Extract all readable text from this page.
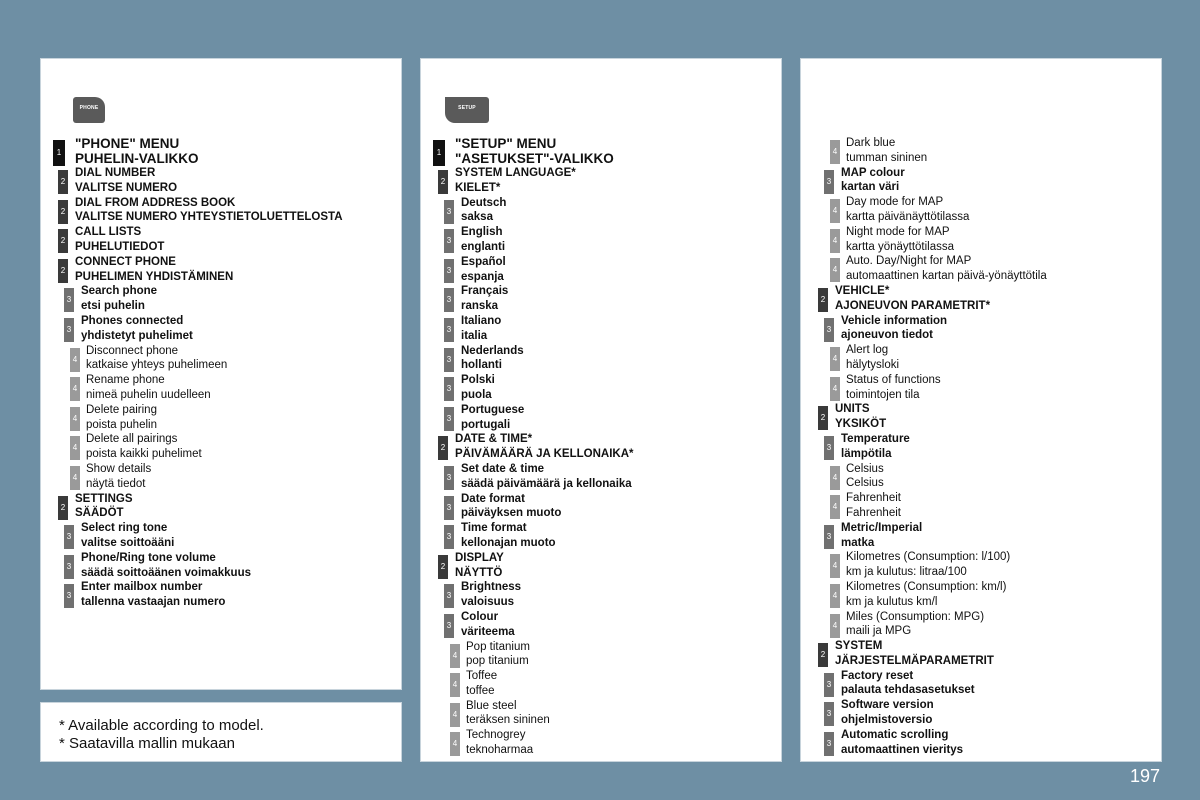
PHONE
1
"PHONE" MENU
PUHELIN-VALIKKO
2
DIAL NUMBER
VALITSE NUMERO
2
DIAL FROM ADDRESS BOOK
VALITSE NUMERO YHTEYSTIETOLUETTELOSTA
2
CALL LISTS
PUHELUTIEDOT
2
CONNECT PHONE
PUHELIMEN YHDISTÄMINEN
3
Search phone
etsi puhelin
3
Phones connected
yhdistetyt puhelimet
4
Disconnect phone
katkaise yhteys puhelimeen
4
Rename phone
nimeä puhelin uudelleen
4
Delete pairing
poista puhelin
4
Delete all pairings
poista kaikki puhelimet
4
Show details
näytä tiedot
2
SETTINGS
SÄÄDÖT
3
Select ring tone
valitse soittoääni
3
Phone/Ring tone volume
säädä soittoäänen voimakkuus
3
Enter mailbox number
tallenna vastaajan numero
SETUP
1
"SETUP" MENU
"ASETUKSET"-VALIKKO
2
SYSTEM LANGUAGE*
KIELET*
3
Deutsch
saksa
3
English
englanti
3
Español
espanja
3
Français
ranska
3
Italiano
italia
3
Nederlands
hollanti
3
Polski
puola
3
Portuguese
portugali
2
DATE & TIME*
PÄIVÄMÄÄRÄ JA KELLONAIKA*
3
Set date & time
säädä päivämäärä ja kellonaika
3
Date format
päiväyksen muoto
3
Time format
kellonajan muoto
2
DISPLAY
NÄYTTÖ
3
Brightness
valoisuus
3
Colour
väriteema
4
Pop titanium
pop titanium
4
Toffee
toffee
4
Blue steel
teräksen sininen
4
Technogrey
teknoharmaa
4
Dark blue
tumman sininen
3
MAP colour
kartan väri
4
Day mode for MAP
kartta päivänäyttötilassa
4
Night mode for MAP
kartta yönäyttötilassa
4
Auto. Day/Night for MAP
automaattinen kartan päivä-yönäyttötila
2
VEHICLE*
AJONEUVON PARAMETRIT*
3
Vehicle information
ajoneuvon tiedot
4
Alert log
hälytysloki
4
Status of functions
toimintojen tila
2
UNITS
YKSIKÖT
3
Temperature
lämpötila
4
Celsius
Celsius
4
Fahrenheit
Fahrenheit
3
Metric/Imperial
matka
4
Kilometres (Consumption: l/100)
km ja kulutus: litraa/100
4
Kilometres (Consumption: km/l)
km ja kulutus km/l
4
Miles (Consumption: MPG)
maili ja MPG
2
SYSTEM
JÄRJESTELMÄPARAMETRIT
3
Factory reset
palauta tehdasasetukset
3
Software version
ohjelmistoversio
3
Automatic scrolling
automaattinen vieritys
* Available according to model.
* Saatavilla mallin mukaan
197
